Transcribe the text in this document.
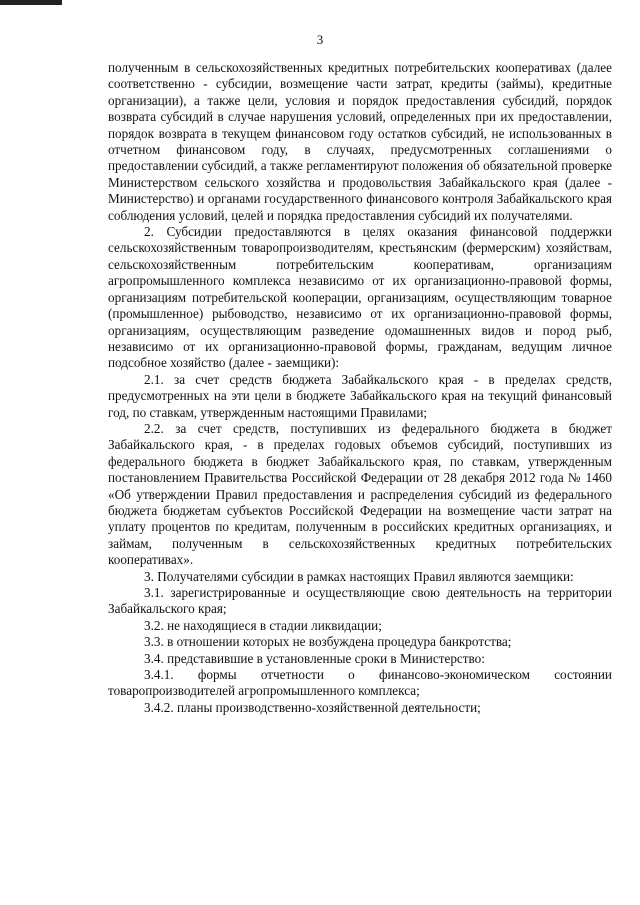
3

полученным в сельскохозяйственных кредитных потребительских кооперативах (далее соответственно - субсидии, возмещение части затрат, кредиты (займы), кредитные организации), а также цели, условия и порядок предоставления субсидий, порядок возврата субсидий в случае нарушения условий, определенных при их предоставлении, порядок возврата в текущем финансовом году остатков субсидий, не использованных в отчетном финансовом году, в случаях, предусмотренных соглашениями о предоставлении субсидий, а также регламентируют положения об обязательной проверке Министерством сельского хозяйства и продовольствия Забайкальского края (далее - Министерство) и органами государственного финансового контроля Забайкальского края соблюдения условий, целей и порядка предоставления субсидий их получателями.

2. Субсидии предоставляются в целях оказания финансовой поддержки сельскохозяйственным товаропроизводителям, крестьянским (фермерским) хозяйствам, сельскохозяйственным потребительским кооперативам, организациям агропромышленного комплекса независимо от их организационно-правовой формы, организациям потребительской кооперации, организациям, осуществляющим товарное (промышленное) рыбоводство, независимо от их организационно-правовой формы, организациям, осуществляющим разведение одомашненных видов и пород рыб, независимо от их организационно-правовой формы, гражданам, ведущим личное подсобное хозяйство (далее - заемщики):

2.1. за счет средств бюджета Забайкальского края - в пределах средств, предусмотренных на эти цели в бюджете Забайкальского края на текущий финансовый год, по ставкам, утвержденным настоящими Правилами;

2.2. за счет средств, поступивших из федерального бюджета в бюджет Забайкальского края, - в пределах годовых объемов субсидий, поступивших из федерального бюджета в бюджет Забайкальского края, по ставкам, утвержденным постановлением Правительства Российской Федерации от 28 декабря 2012 года № 1460 «Об утверждении Правил предоставления и распределения субсидий из федерального бюджета бюджетам субъектов Российской Федерации на возмещение части затрат на уплату процентов по кредитам, полученным в российских кредитных организациях, и займам, полученным в сельскохозяйственных кредитных потребительских кооперативах».

3. Получателями субсидии в рамках настоящих Правил являются заемщики:

3.1. зарегистрированные и осуществляющие свою деятельность на территории Забайкальского края;

3.2. не находящиеся в стадии ликвидации;

3.3. в отношении которых не возбуждена процедура банкротства;

3.4. представившие в установленные сроки в Министерство:

3.4.1. формы отчетности о финансово-экономическом состоянии товаропроизводителей агропромышленного комплекса;

3.4.2. планы производственно-хозяйственной деятельности;
